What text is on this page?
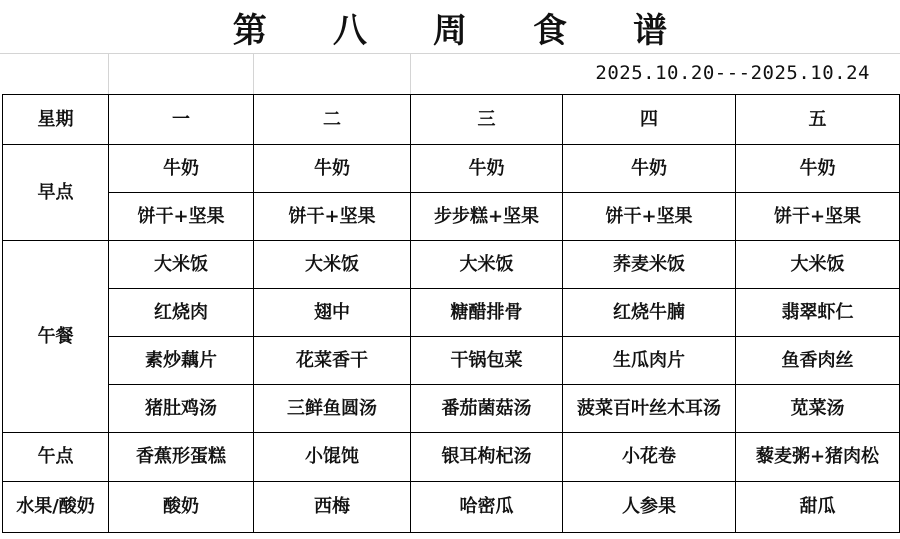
第 八 周 食 谱
2025.10.20---2025.10.24
星期	一	二	三	四	五
早点	牛奶	牛奶	牛奶	牛奶	牛奶
	饼干+坚果	饼干+坚果	步步糕+坚果	饼干+坚果	饼干+坚果
午餐	大米饭	大米饭	大米饭	荞麦米饭	大米饭
	红烧肉	翅中	糖醋排骨	红烧牛腩	翡翠虾仁
	素炒藕片	花菜香干	干锅包菜	生瓜肉片	鱼香肉丝
	猪肚鸡汤	三鲜鱼圆汤	番茄菌菇汤	菠菜百叶丝木耳汤	苋菜汤
午点	香蕉形蛋糕	小馄饨	银耳枸杞汤	小花卷	藜麦粥+猪肉松
水果/酸奶	酸奶	西梅	哈密瓜	人参果	甜瓜
